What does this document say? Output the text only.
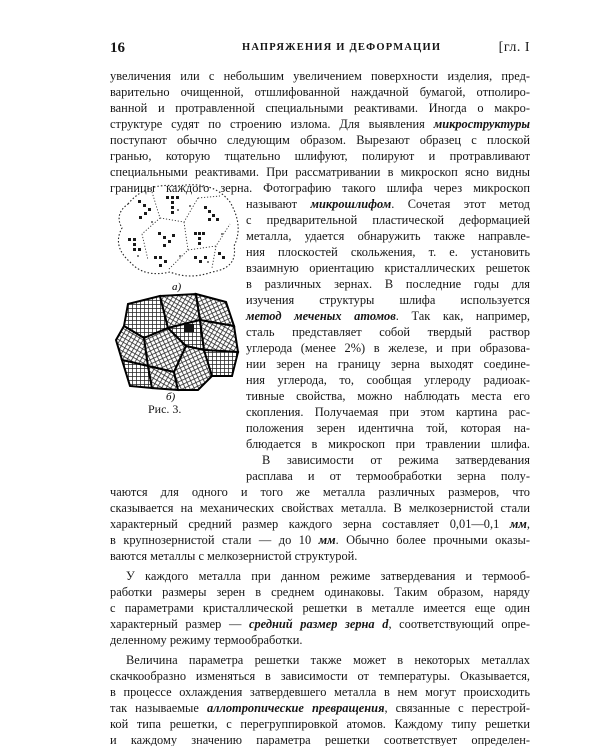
16	НАПРЯЖЕНИЯ И ДЕФОРМАЦИИ	[гл. I
а)
б)
Рис. 3.
увеличения или с небольшим увеличением поверхности изделия, пред-
варительно очищенной, отшлифованной наждачной бумагой, отполиро-
ванной и протравленной специальными реактивами. Иногда о макро-
структуре судят по строению излома. Для выявления микроструктуры
поступают обычно следующим образом. Вырезают образец с плоской
гранью, которую тщательно шлифуют, полируют и протравливают
специальными реактивами. При рассматривании в микроскоп ясно видны
границы каждого зерна. Фотографию такого шлифа через микроскоп
называют микрошлифом. Сочетая этот метод
с предварительной пластической деформацией
металла, удается обнаружить также направле-
ния плоскостей скольжения, т. е. установить
взаимную ориентацию кристаллических решеток
в различных зернах. В последние годы для
изучения структуры шлифа используется
метод меченых атомов. Так как, например,
сталь представляет собой твердый раствор
углерода (менее 2%) в железе, и при образова-
нии зерен на границу зерна выходят соедине-
ния углерода, то, сообщая углероду радиоак-
тивные свойства, можно наблюдать места его
скопления. Получаемая при этом картина рас-
положения зерен идентична той, которая на-
блюдается в микроскоп при травлении шлифа.
В зависимости от режима затвердевания
расплава и от термообработки зерна полу-
чаются для одного и того же металла различных размеров, что
сказывается на механических свойствах металла. В мелкозернистой стали
характерный средний размер каждого зерна составляет 0,01—0,1 мм,
в крупнозернистой стали — до 10 мм. Обычно более прочными оказы-
ваются металлы с мелкозернистой структурой.
У каждого металла при данном режиме затвердевания и термооб-
работки размеры зерен в среднем одинаковы. Таким образом, наряду
с параметрами кристаллической решетки в металле имеется еще один
характерный размер — средний размер зерна d, соответствующий опре-
деленному режиму термообработки.
Величина параметра решетки также может в некоторых металлах
скачкообразно изменяться в зависимости от температуры. Оказывается,
в процессе охлаждения затвердевшего металла в нем могут происходить
так называемые аллотропические превращения, связанные с перестрой-
кой типа решетки, с перегруппировкой атомов. Каждому типу решетки
и каждому значению параметра решетки соответствует определен-
